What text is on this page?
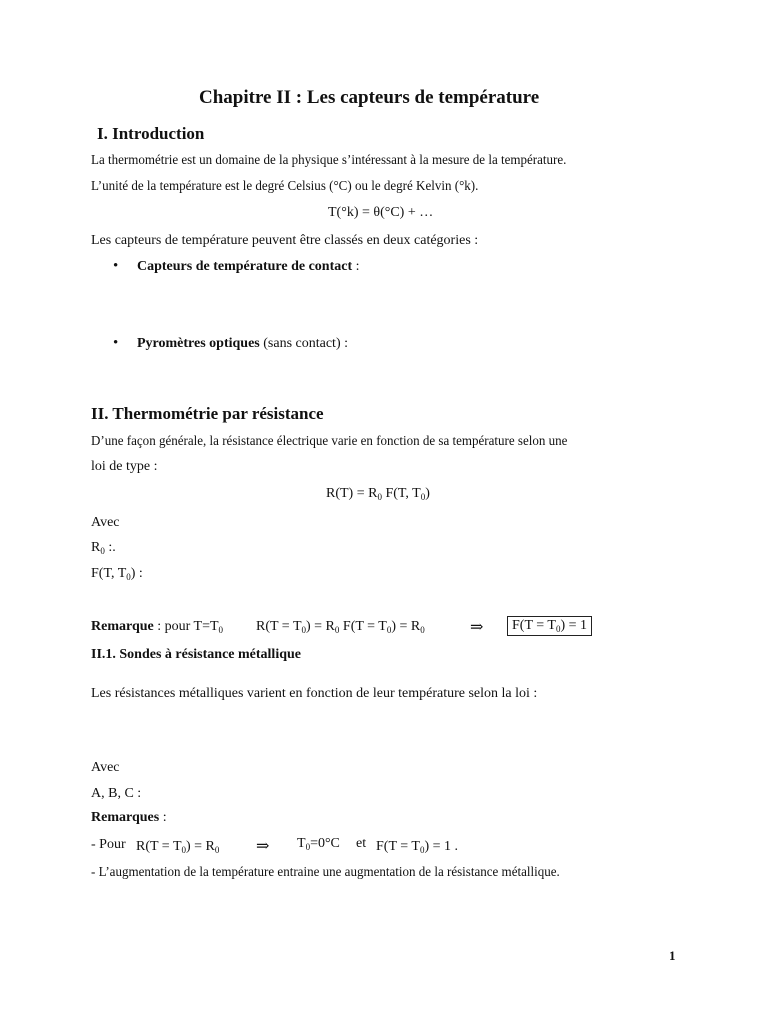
Chapitre II : Les capteurs de température
I. Introduction
La thermométrie est un domaine de la physique s’intéressant à la mesure de la température.
L’unité de la température est le degré Celsius (°C) ou le degré Kelvin (°k).
T(°k) = θ(°C) + …
Les capteurs de température peuvent être classés en deux catégories :
• Capteurs de température de contact :
• Pyromètres optiques (sans contact) :
II. Thermométrie par résistance
D’une façon générale, la résistance électrique varie en fonction de sa température selon une
loi de type :
$R(T) = R_0$ F(T, $T_0$)
Avec
$R_0$ :.
F(T, $T_0$) :
Remarque : pour $T=T_0$ $R(T = T_0) = R_0$ $F(T = T_0) = R_0$	⇒	$F(T = T_0) = 1$
II.1. Sondes à résistance métallique
Les résistances métalliques varient en fonction de leur température selon la loi :
Avec
A, B, C :
Remarques :
- Pour $R(T = T_0) = R_0$ ⇒ $T_0=0^\circ C$ et $F(T = T_0) = 1$ .
- L’augmentation de la température entraine une augmentation de la résistance métallique.
1
